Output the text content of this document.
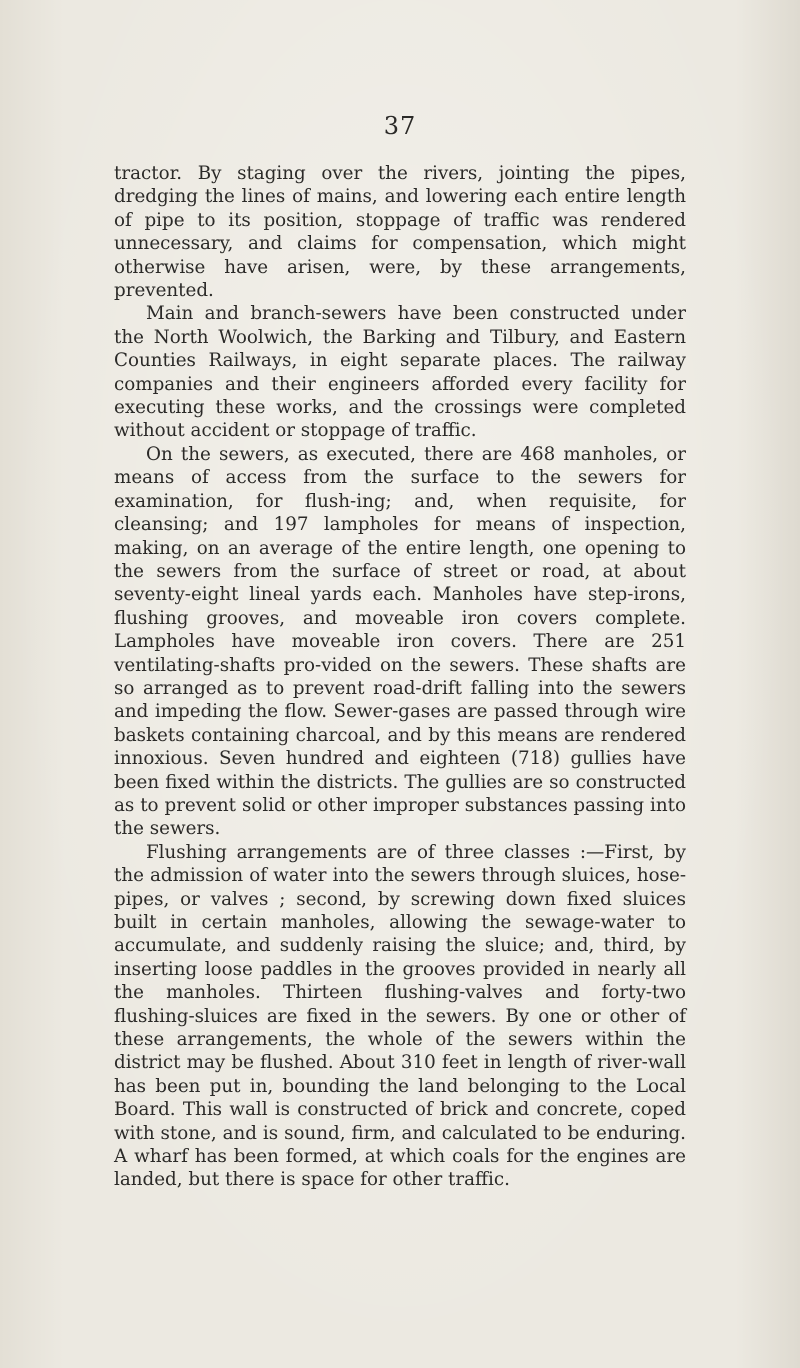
37

tractor. By staging over the rivers, jointing the pipes, dredging the lines of mains, and lowering each entire length of pipe to its position, stoppage of traffic was rendered unnecessary, and claims for compensation, which might otherwise have arisen, were, by these arrangements, prevented.

Main and branch-sewers have been constructed under the North Woolwich, the Barking and Tilbury, and Eastern Counties Railways, in eight separate places. The railway companies and their engineers afforded every facility for executing these works, and the crossings were completed without accident or stoppage of traffic.

On the sewers, as executed, there are 468 manholes, or means of access from the surface to the sewers for examination, for flush-ing; and, when requisite, for cleansing; and 197 lampholes for means of inspection, making, on an average of the entire length, one opening to the sewers from the surface of street or road, at about seventy-eight lineal yards each. Manholes have step-irons, flushing grooves, and moveable iron covers complete. Lampholes have moveable iron covers. There are 251 ventilating-shafts pro-vided on the sewers. These shafts are so arranged as to prevent road-drift falling into the sewers and impeding the flow. Sewer-gases are passed through wire baskets containing charcoal, and by this means are rendered innoxious. Seven hundred and eighteen (718) gullies have been fixed within the districts. The gullies are so constructed as to prevent solid or other improper substances passing into the sewers.

Flushing arrangements are of three classes :—First, by the admission of water into the sewers through sluices, hose-pipes, or valves ; second, by screwing down fixed sluices built in certain manholes, allowing the sewage-water to accumulate, and suddenly raising the sluice; and, third, by inserting loose paddles in the grooves provided in nearly all the manholes. Thirteen flushing-valves and forty-two flushing-sluices are fixed in the sewers. By one or other of these arrangements, the whole of the sewers within the district may be flushed. About 310 feet in length of river-wall has been put in, bounding the land belonging to the Local Board. This wall is constructed of brick and concrete, coped with stone, and is sound, firm, and calculated to be enduring. A wharf has been formed, at which coals for the engines are landed, but there is space for other traffic.
